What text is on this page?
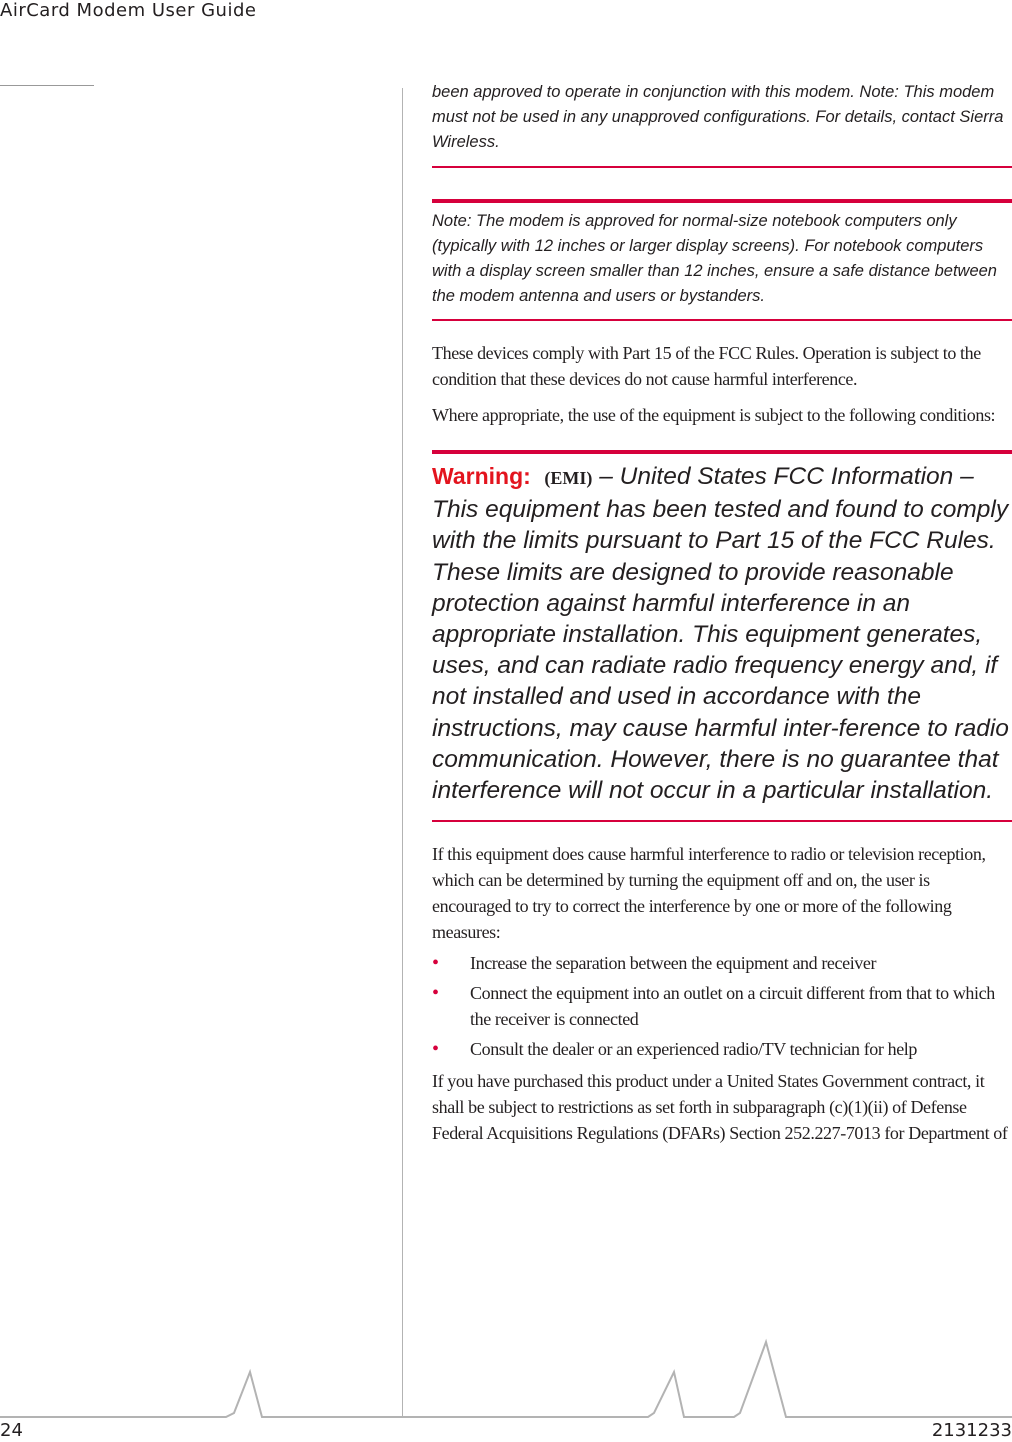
AirCard Modem User Guide

been approved to operate in conjunction with this modem. Note: This modem must not be used in any unapproved configurations. For details, contact Sierra Wireless.

Note: The modem is approved for normal-size notebook computers only (typically with 12 inches or larger display screens). For notebook computers with a display screen smaller than 12 inches, ensure a safe distance between the modem antenna and users or bystanders.

These devices comply with Part 15 of the FCC Rules. Operation is subject to the condition that these devices do not cause harmful interference.

Where appropriate, the use of the equipment is subject to the following conditions:

Warning: (EMI) – United States FCC Information – This equipment has been tested and found to comply with the limits pursuant to Part 15 of the FCC Rules. These limits are designed to provide reasonable protection against harmful interference in an appropriate installation. This equipment generates, uses, and can radiate radio frequency energy and, if not installed and used in accordance with the instructions, may cause harmful inter-ference to radio communication. However, there is no guarantee that interference will not occur in a particular installation.

If this equipment does cause harmful interference to radio or television reception, which can be determined by turning the equipment off and on, the user is encouraged to try to correct the interference by one or more of the following measures:

• Increase the separation between the equipment and receiver
• Connect the equipment into an outlet on a circuit different from that to which the receiver is connected
• Consult the dealer or an experienced radio/TV technician for help

If you have purchased this product under a United States Government contract, it shall be subject to restrictions as set forth in subparagraph (c)(1)(ii) of Defense Federal Acquisitions Regulations (DFARs) Section 252.227-7013 for Department of

24	2131233
